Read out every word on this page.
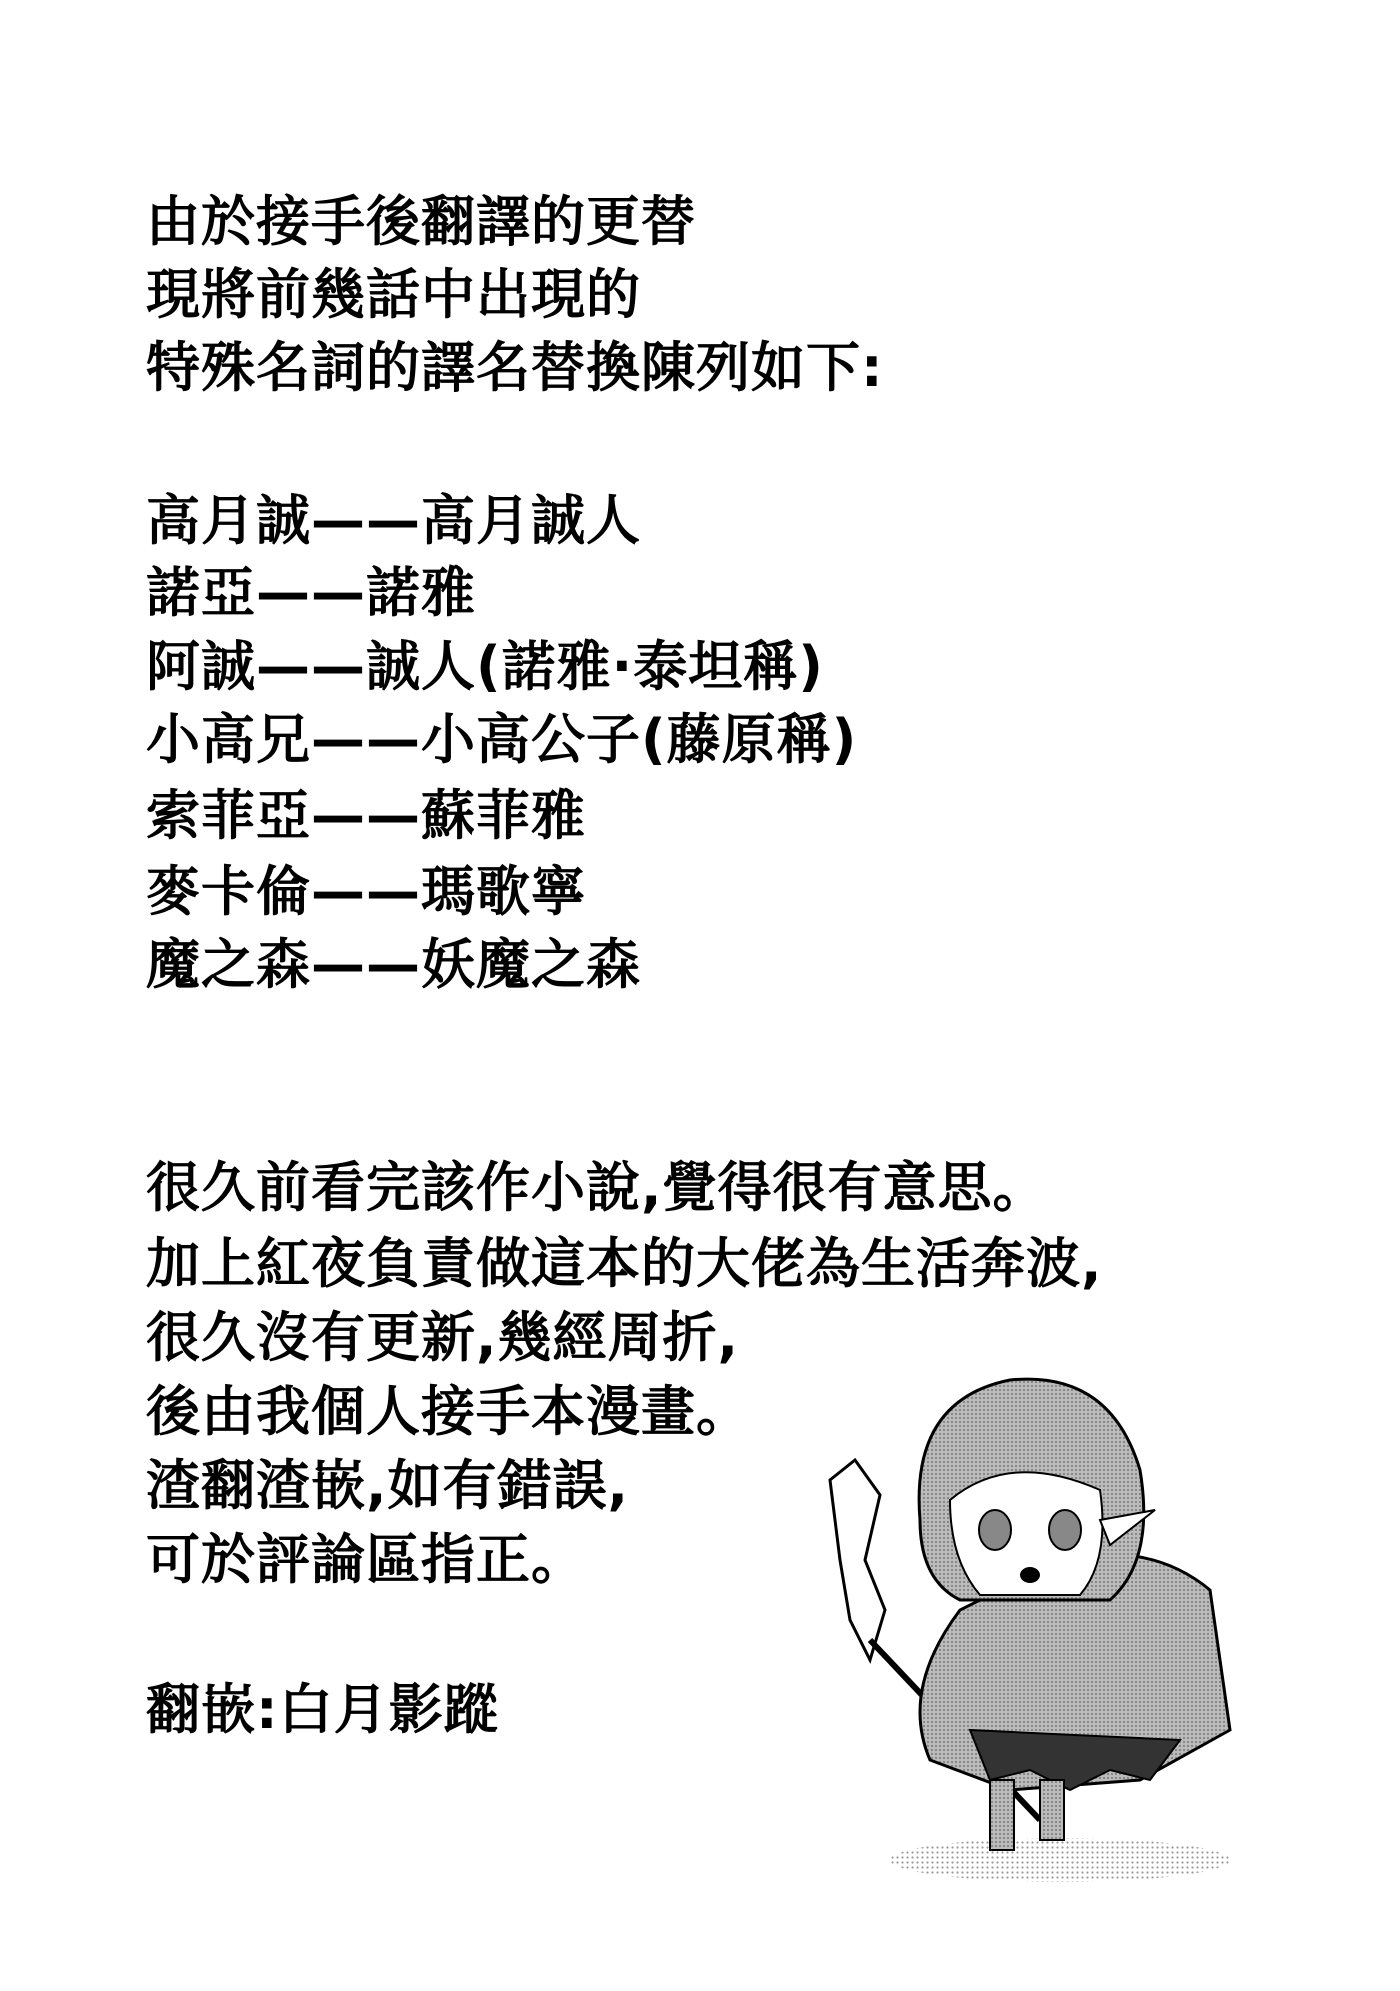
由於接手後翻譯的更替
現將前幾話中出現的
特殊名詞的譯名替換陳列如下:
高月誠——高月誠人
諾亞——諾雅
阿誠——誠人(諾雅·泰坦稱)
小高兄——小高公子(藤原稱)
索菲亞——蘇菲雅
麥卡倫——瑪歌寧
魔之森——妖魔之森
很久前看完該作小說,覺得很有意思。
加上紅夜負責做這本的大佬為生活奔波,
很久沒有更新,幾經周折,
後由我個人接手本漫畫。
渣翻渣嵌,如有錯誤,
可於評論區指正。
翻嵌:白月影蹤
